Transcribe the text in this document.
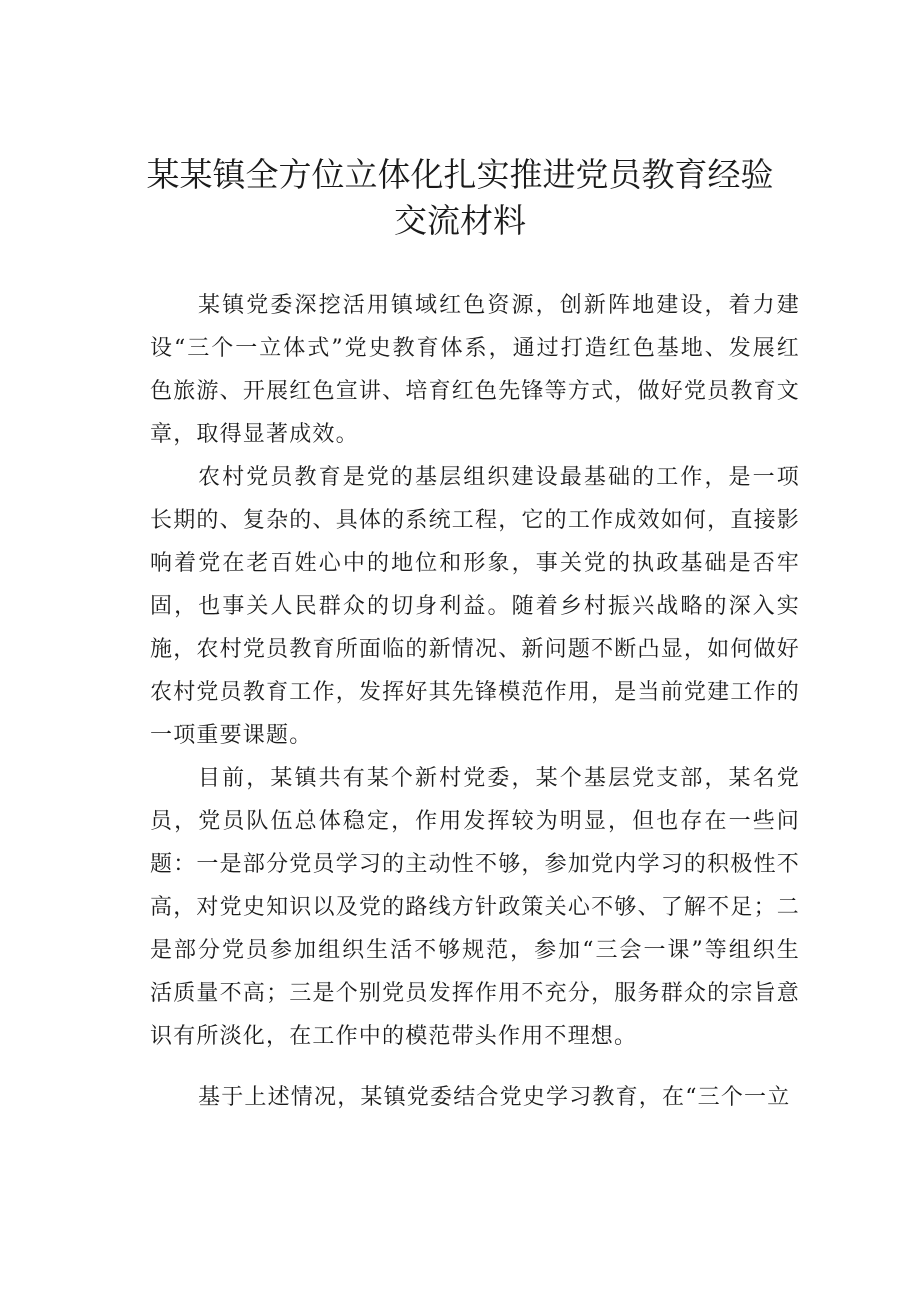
某某镇全方位立体化扎实推进党员教育经验
交流材料

某镇党委深挖活用镇域红色资源，创新阵地建设，着力建设“三个一立体式”党史教育体系，通过打造红色基地、发展红色旅游、开展红色宣讲、培育红色先锋等方式，做好党员教育文章，取得显著成效。

农村党员教育是党的基层组织建设最基础的工作，是一项长期的、复杂的、具体的系统工程，它的工作成效如何，直接影响着党在老百姓心中的地位和形象，事关党的执政基础是否牢固，也事关人民群众的切身利益。随着乡村振兴战略的深入实施，农村党员教育所面临的新情况、新问题不断凸显，如何做好农村党员教育工作，发挥好其先锋模范作用，是当前党建工作的一项重要课题。

目前，某镇共有某个新村党委，某个基层党支部，某名党员，党员队伍总体稳定，作用发挥较为明显，但也存在一些问题：一是部分党员学习的主动性不够，参加党内学习的积极性不高，对党史知识以及党的路线方针政策关心不够、了解不足；二是部分党员参加组织生活不够规范，参加“三会一课”等组织生活质量不高；三是个别党员发挥作用不充分，服务群众的宗旨意识有所淡化，在工作中的模范带头作用不理想。

基于上述情况，某镇党委结合党史学习教育，在“三个一立
